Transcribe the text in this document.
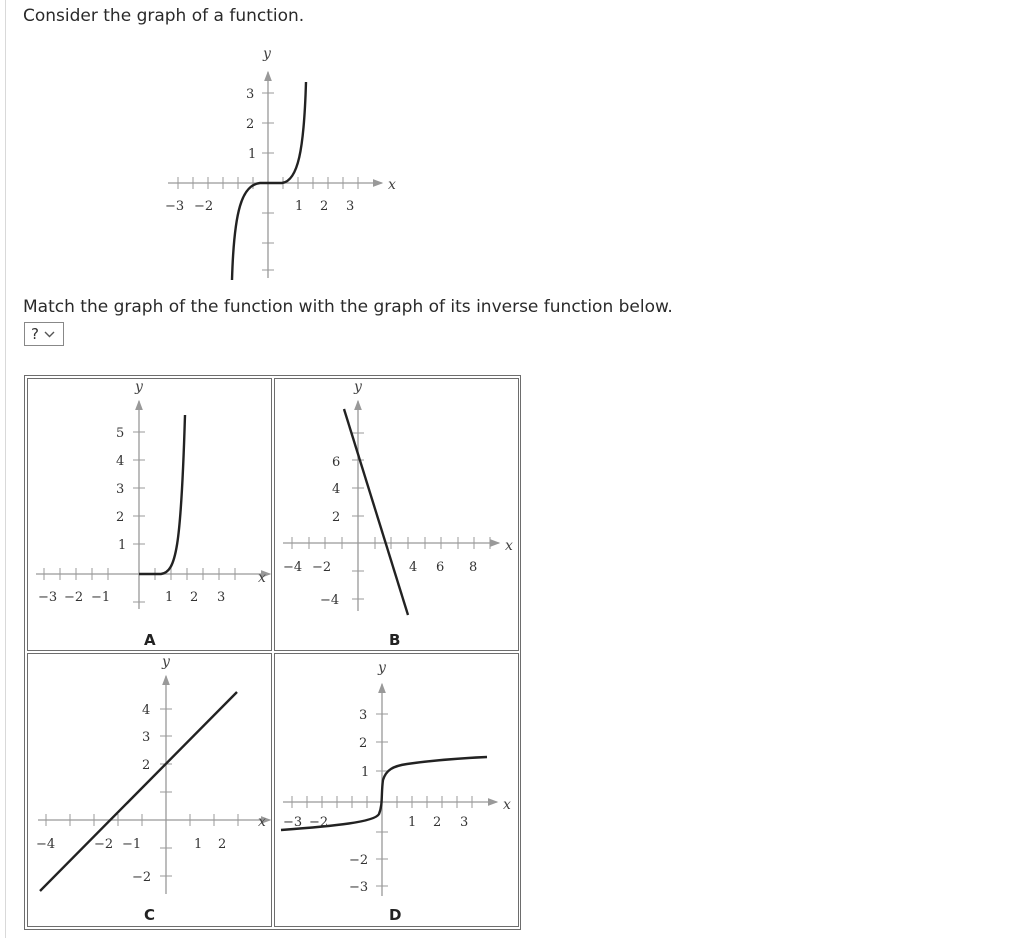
Consider the graph of a function.
y
x
−3 −2	1 2 3
3
2
1
Match the graph of the function with the graph of its inverse function below.
?
y
x
−3 −2 −1	1 2 3
5
4
3
2
1
A
y
x
−4 −2	4 6 8
6
4
2
−4
B
y
x
−4	−2 −1	1 2
4
3
2
−2
C
y
x
−3 −2	1 2 3
3
2
1
−2
−3
D
